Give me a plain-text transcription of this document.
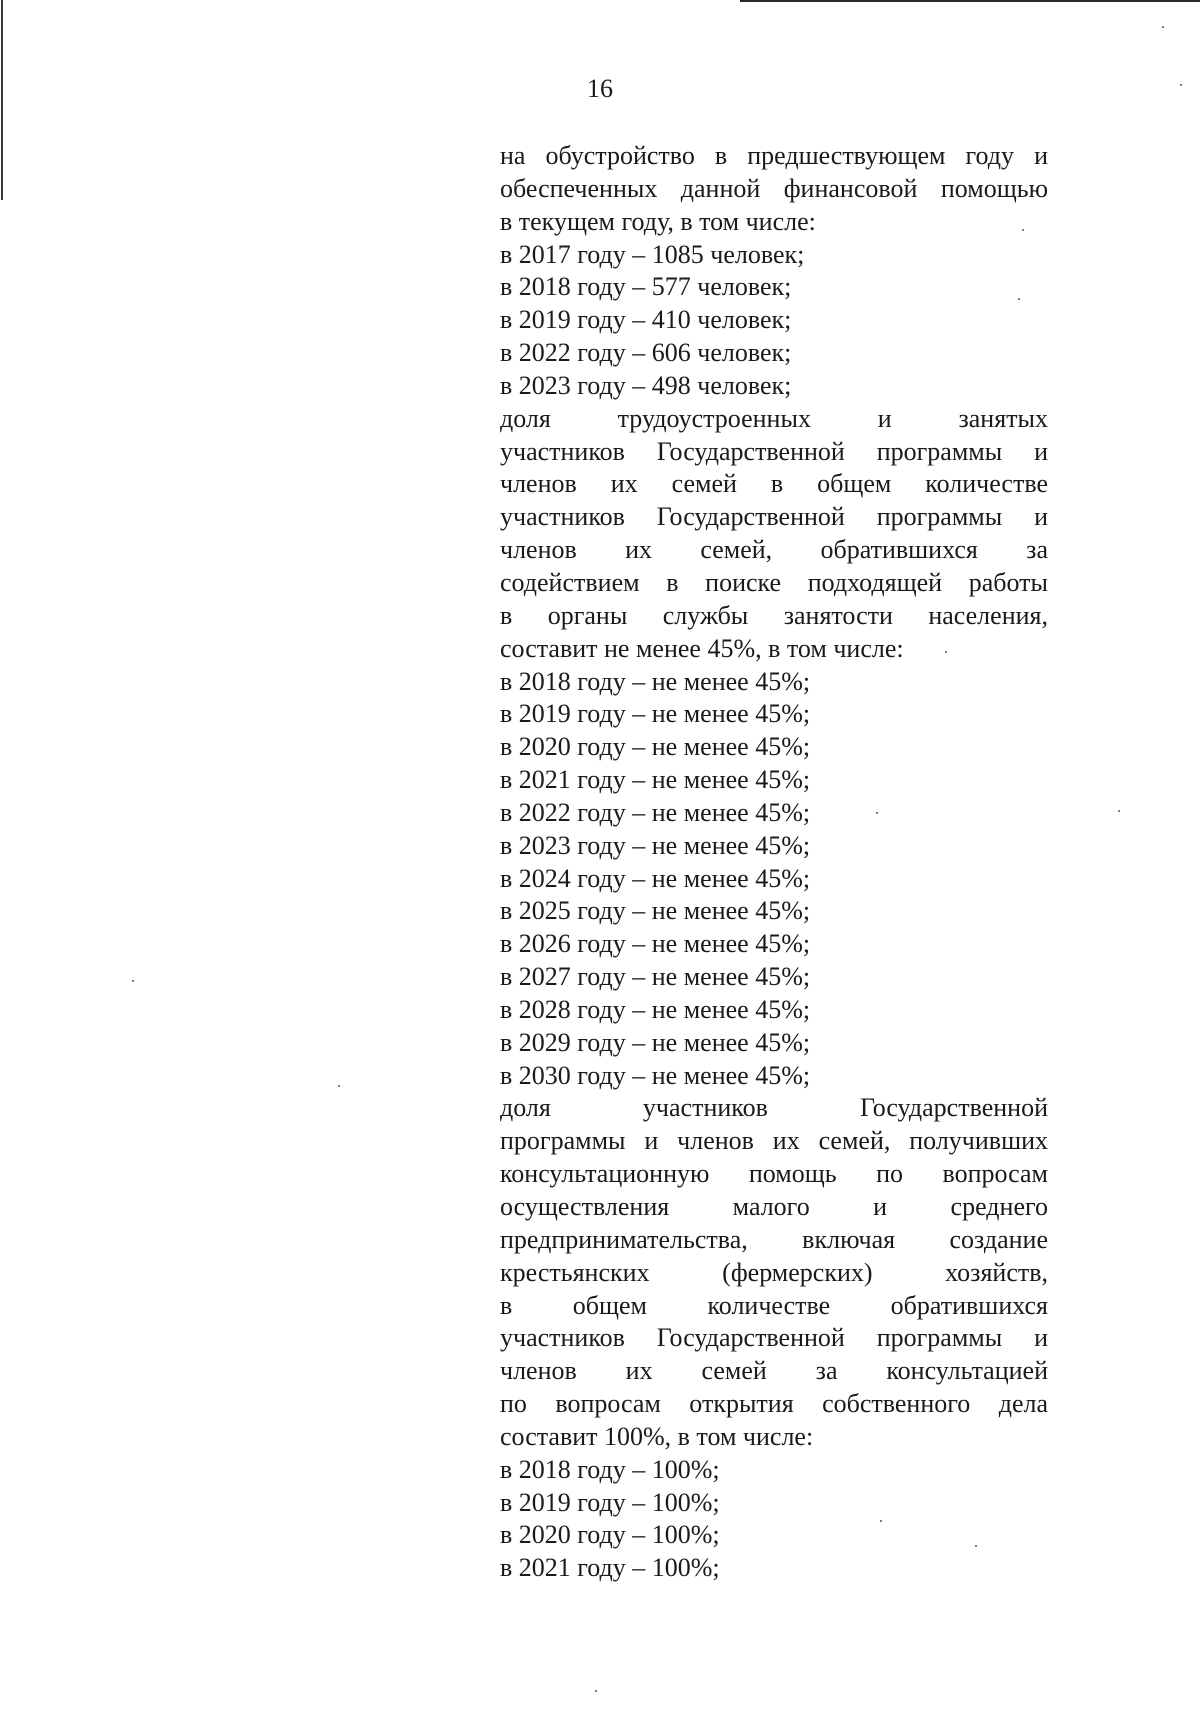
16
на обустройство в предшествующем году и
обеспеченных данной финансовой помощью
в текущем году, в том числе:
в 2017 году – 1085 человек;
в 2018 году – 577 человек;
в 2019 году – 410 человек;
в 2022 году – 606 человек;
в 2023 году – 498 человек;
доля трудоустроенных и занятых
участников Государственной программы и
членов их семей в общем количестве
участников Государственной программы и
членов их семей, обратившихся за
содействием в поиске подходящей работы
в органы службы занятости населения,
составит не менее 45%, в том числе:
в 2018 году – не менее 45%;
в 2019 году – не менее 45%;
в 2020 году – не менее 45%;
в 2021 году – не менее 45%;
в 2022 году – не менее 45%;
в 2023 году – не менее 45%;
в 2024 году – не менее 45%;
в 2025 году – не менее 45%;
в 2026 году – не менее 45%;
в 2027 году – не менее 45%;
в 2028 году – не менее 45%;
в 2029 году – не менее 45%;
в 2030 году – не менее 45%;
доля участников Государственной
программы и членов их семей, получивших
консультационную помощь по вопросам
осуществления малого и среднего
предпринимательства, включая создание
крестьянских (фермерских) хозяйств,
в общем количестве обратившихся
участников Государственной программы и
членов их семей за консультацией
по вопросам открытия собственного дела
составит 100%, в том числе:
в 2018 году – 100%;
в 2019 году – 100%;
в 2020 году – 100%;
в 2021 году – 100%;
